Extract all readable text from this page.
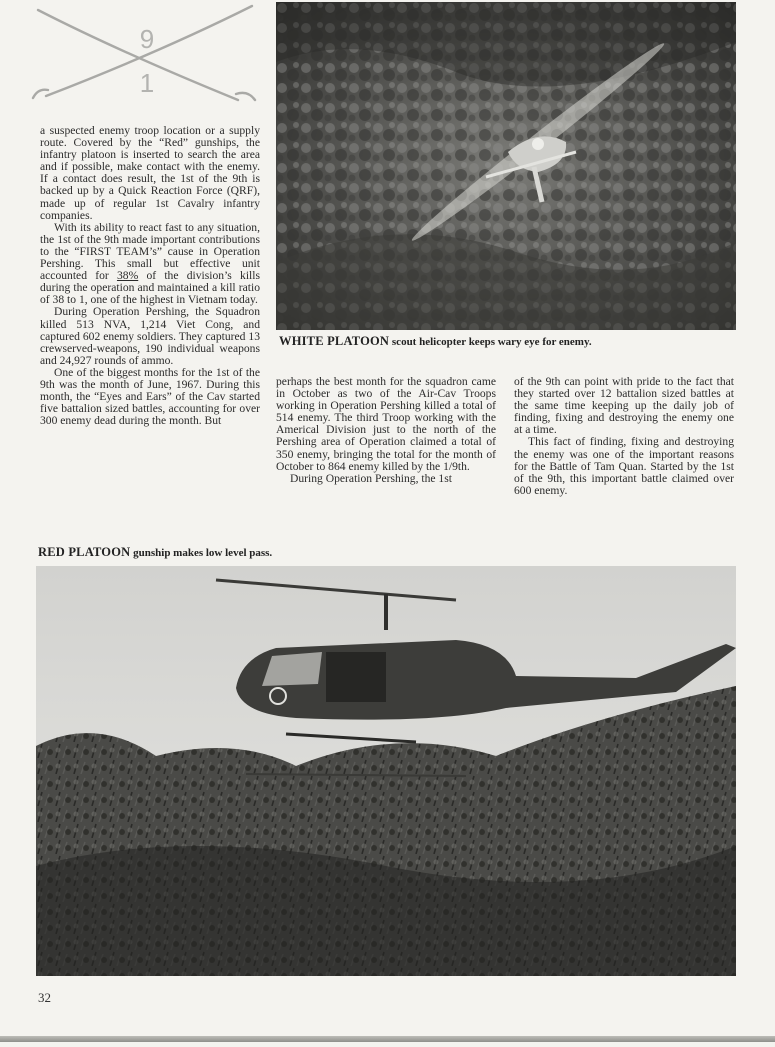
9
1
WHITE PLATOON scout helicopter keeps wary eye for enemy.

a suspected enemy troop location or a supply route. Covered by the “Red” gunships, the infantry platoon is inserted to search the area and if possible, make contact with the enemy. If a contact does result, the 1st of the 9th is backed up by a Quick Reaction Force (QRF), made up of regular 1st Cavalry infantry companies.

With its ability to react fast to any situation, the 1st of the 9th made important contributions to the “FIRST TEAM’s” cause in Operation Pershing. This small but effective unit accounted for 38% of the division’s kills during the operation and maintained a kill ratio of 38 to 1, one of the highest in Vietnam today.

During Operation Pershing, the Squadron killed 513 NVA, 1,214 Viet Cong, and captured 602 enemy soldiers. They captured 13 crewserved-weapons, 190 individual weapons and 24,927 rounds of ammo.

One of the biggest months for the 1st of the 9th was the month of June, 1967. During this month, the “Eyes and Ears” of the Cav started five battalion sized battles, accounting for over 300 enemy dead during the month. But

perhaps the best month for the squadron came in October as two of the Air-Cav Troops working in Operation Pershing killed a total of 514 enemy. The third Troop working with the Americal Division just to the north of the Pershing area of Operation claimed a total of 350 enemy, bringing the total for the month of October to 864 enemy killed by the 1/9th.

During Operation Pershing, the 1st

of the 9th can point with pride to the fact that they started over 12 battalion sized battles at the same time keeping up the daily job of finding, fixing and destroying the enemy one at a time.

This fact of finding, fixing and destroying the enemy was one of the important reasons for the Battle of Tam Quan. Started by the 1st of the 9th, this important battle claimed over 600 enemy.

RED PLATOON gunship makes low level pass.
32
